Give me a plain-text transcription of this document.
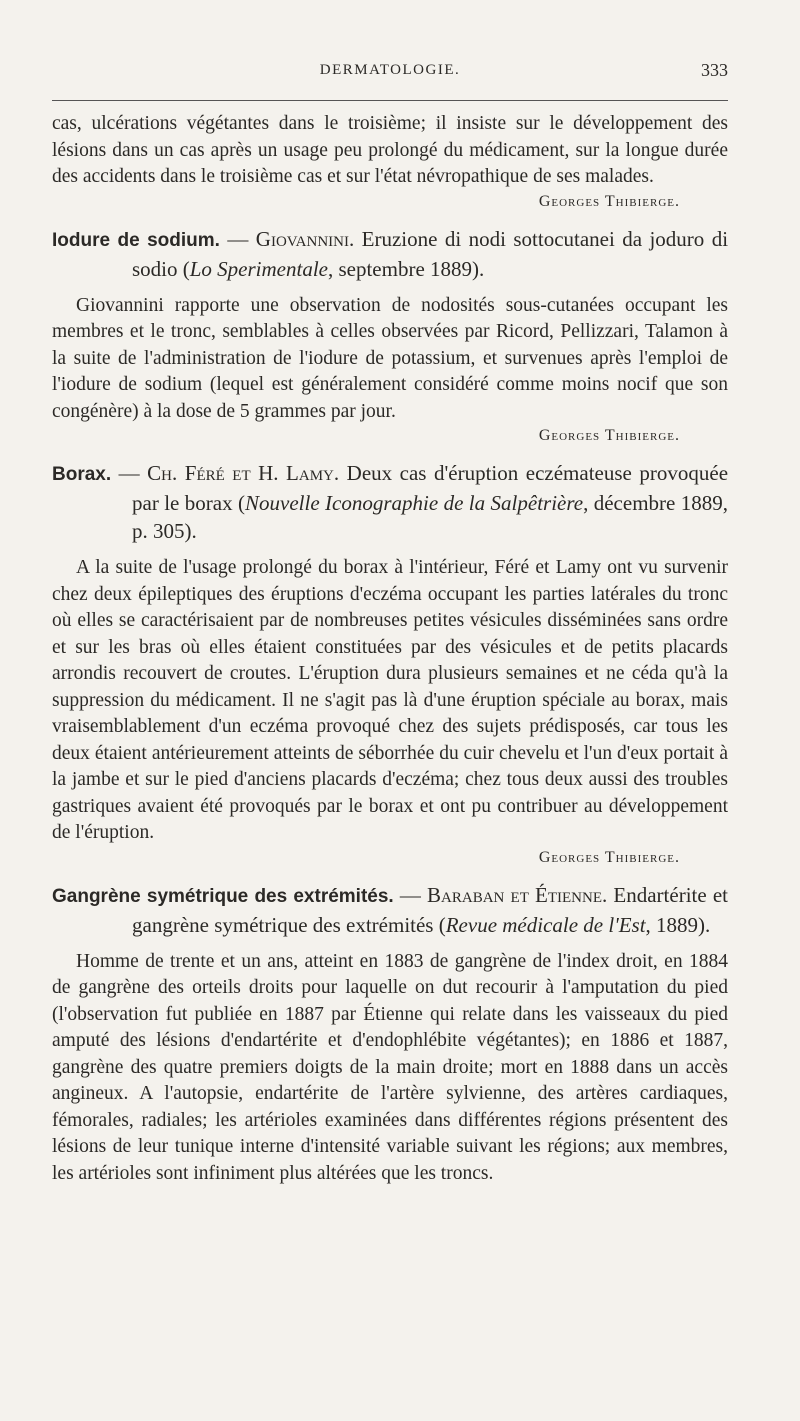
DERMATOLOGIE.	333

cas, ulcérations végétantes dans le troisième; il insiste sur le développement des lésions dans un cas après un usage peu prolongé du médicament, sur la longue durée des accidents dans le troisième cas et sur l'état névropathique de ses malades.

Georges Thibierge.

Iodure de sodium. — Giovannini. Eruzione di nodi sottocutanei da joduro di sodio (Lo Sperimentale, septembre 1889).

Giovannini rapporte une observation de nodosités sous-cutanées occupant les membres et le tronc, semblables à celles observées par Ricord, Pellizzari, Talamon à la suite de l'administration de l'iodure de potassium, et survenues après l'emploi de l'iodure de sodium (lequel est généralement considéré comme moins nocif que son congénère) à la dose de 5 grammes par jour.

Georges Thibierge.

Borax. — Ch. Féré et H. Lamy. Deux cas d'éruption eczémateuse provoquée par le borax (Nouvelle Iconographie de la Salpêtrière, décembre 1889, p. 305).

A la suite de l'usage prolongé du borax à l'intérieur, Féré et Lamy ont vu survenir chez deux épileptiques des éruptions d'eczéma occupant les parties latérales du tronc où elles se caractérisaient par de nombreuses petites vésicules disséminées sans ordre et sur les bras où elles étaient constituées par des vésicules et de petits placards arrondis recouvert de croutes. L'éruption dura plusieurs semaines et ne céda qu'à la suppression du médicament. Il ne s'agit pas là d'une éruption spéciale au borax, mais vraisemblablement d'un eczéma provoqué chez des sujets prédisposés, car tous les deux étaient antérieurement atteints de séborrhée du cuir chevelu et l'un d'eux portait à la jambe et sur le pied d'anciens placards d'eczéma; chez tous deux aussi des troubles gastriques avaient été provoqués par le borax et ont pu contribuer au développement de l'éruption.

Georges Thibierge.

Gangrène symétrique des extrémités. — Baraban et Étienne. Endartérite et gangrène symétrique des extrémités (Revue médicale de l'Est, 1889).

Homme de trente et un ans, atteint en 1883 de gangrène de l'index droit, en 1884 de gangrène des orteils droits pour laquelle on dut recourir à l'amputation du pied (l'observation fut publiée en 1887 par Étienne qui relate dans les vaisseaux du pied amputé des lésions d'endartérite et d'endophlébite végétantes); en 1886 et 1887, gangrène des quatre premiers doigts de la main droite; mort en 1888 dans un accès angineux. A l'autopsie, endartérite de l'artère sylvienne, des artères cardiaques, fémorales, radiales; les artérioles examinées dans différentes régions présentent des lésions de leur tunique interne d'intensité variable suivant les régions; aux membres, les artérioles sont infiniment plus altérées que les troncs.
